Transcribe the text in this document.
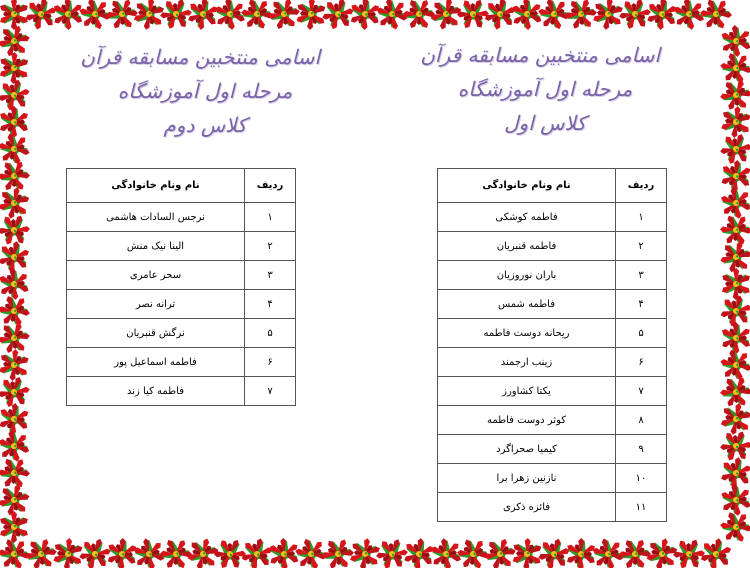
اسامی منتخبین مسابقه قرآن
مرحله اول آموزشگاه
کلاس اول
اسامی منتخبین مسابقه قرآن
مرحله اول آموزشگاه
کلاس دوم
ردیف	نام ونام خانوادگی
۱	فاطمه کوشکی
۲	فاطمه قنبریان
۳	باران نوروزیان
۴	فاطمه شمس
۵	ریحانه دوست فاطمه
۶	زینب ارجمند
۷	یکتا کشاورز
۸	کوثر دوست فاطمه
۹	کیمیا صحراگرد
۱۰	نازنین زهرا برا
۱۱	فائزه ذکری
ردیف	نام ونام خانوادگی
۱	نرجس السادات هاشمی
۲	الینا نیک منش
۳	سحر عامری
۴	ترانه نصر
۵	نرگش قنبریان
۶	فاطمه اسماعیل پور
۷	فاطمه کیا زند
